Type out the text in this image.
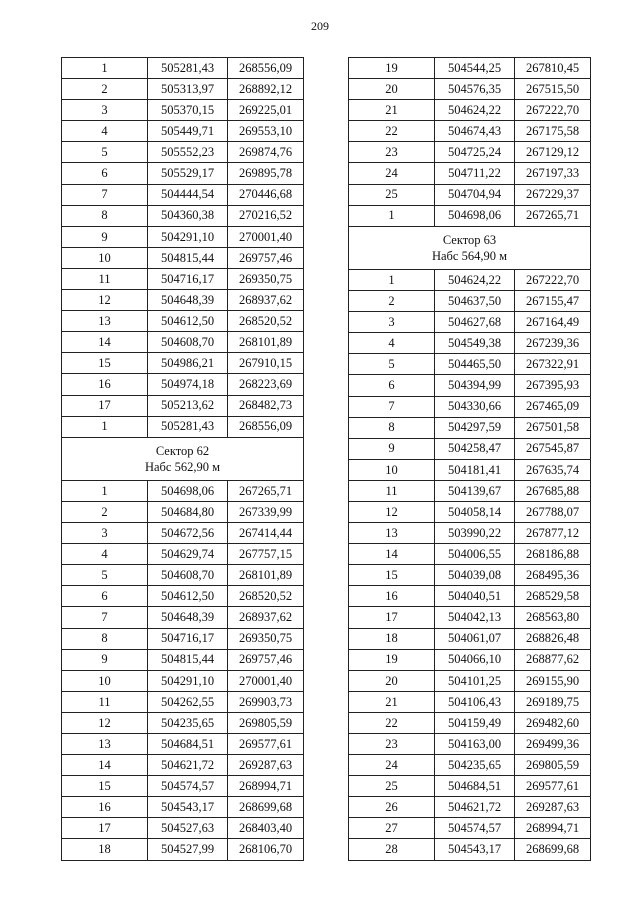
209
1	505281,43	268556,09
2	505313,97	268892,12
3	505370,15	269225,01
4	505449,71	269553,10
5	505552,23	269874,76
6	505529,17	269895,78
7	504444,54	270446,68
8	504360,38	270216,52
9	504291,10	270001,40
10	504815,44	269757,46
11	504716,17	269350,75
12	504648,39	268937,62
13	504612,50	268520,52
14	504608,70	268101,89
15	504986,21	267910,15
16	504974,18	268223,69
17	505213,62	268482,73
1	505281,43	268556,09

Сектор 62
Набс 562,90 м		

1	504698,06	267265,71
2	504684,80	267339,99
3	504672,56	267414,44
4	504629,74	267757,15
5	504608,70	268101,89
6	504612,50	268520,52
7	504648,39	268937,62
8	504716,17	269350,75
9	504815,44	269757,46
10	504291,10	270001,40
11	504262,55	269903,73
12	504235,65	269805,59
13	504684,51	269577,61
14	504621,72	269287,63
15	504574,57	268994,71
16	504543,17	268699,68
17	504527,63	268403,40
18	504527,99	268106,70
19	504544,25	267810,45
20	504576,35	267515,50
21	504624,22	267222,70
22	504674,43	267175,58
23	504725,24	267129,12
24	504711,22	267197,33
25	504704,94	267229,37
1	504698,06	267265,71

Сектор 63
Набс 564,90 м		

1	504624,22	267222,70
2	504637,50	267155,47
3	504627,68	267164,49
4	504549,38	267239,36
5	504465,50	267322,91
6	504394,99	267395,93
7	504330,66	267465,09
8	504297,59	267501,58
9	504258,47	267545,87
10	504181,41	267635,74
11	504139,67	267685,88
12	504058,14	267788,07
13	503990,22	267877,12
14	504006,55	268186,88
15	504039,08	268495,36
16	504040,51	268529,58
17	504042,13	268563,80
18	504061,07	268826,48
19	504066,10	268877,62
20	504101,25	269155,90
21	504106,43	269189,75
22	504159,49	269482,60
23	504163,00	269499,36
24	504235,65	269805,59
25	504684,51	269577,61
26	504621,72	269287,63
27	504574,57	268994,71
28	504543,17	268699,68
